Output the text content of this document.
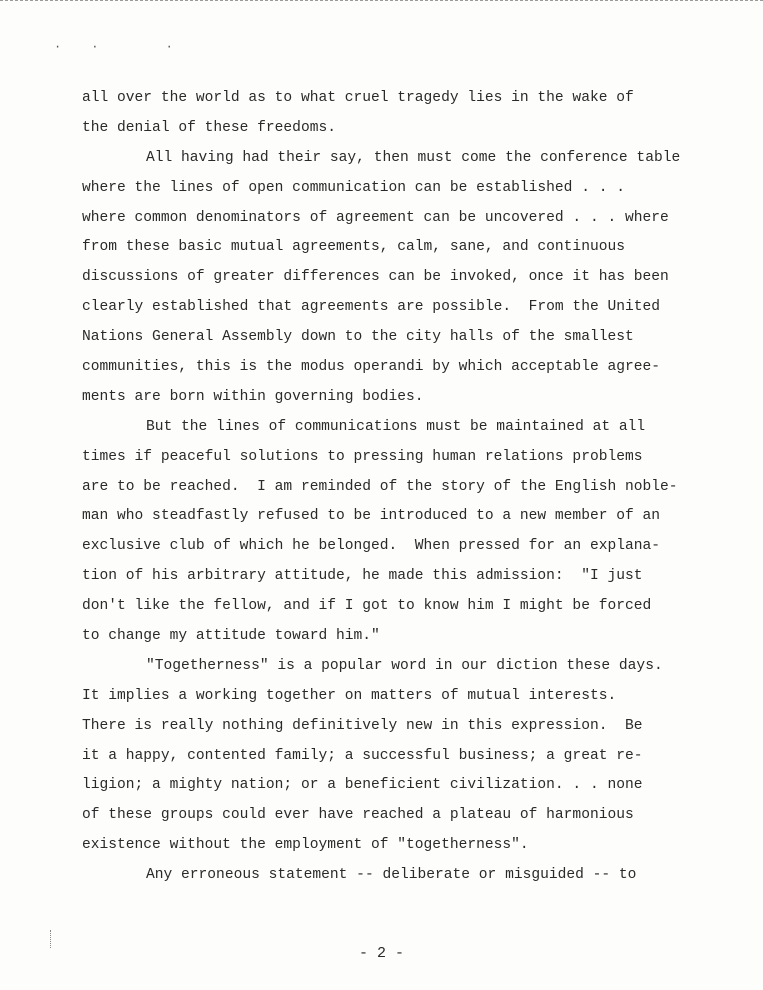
·· ·
all over the world as to what cruel tragedy lies in the wake of
the denial of these freedoms.
All having had their say, then must come the conference table
where the lines of open communication can be established . . .
where common denominators of agreement can be uncovered . . . where
from these basic mutual agreements, calm, sane, and continuous
discussions of greater differences can be invoked, once it has been
clearly established that agreements are possible.  From the United
Nations General Assembly down to the city halls of the smallest
communities, this is the modus operandi by which acceptable agree-
ments are born within governing bodies.
But the lines of communications must be maintained at all
times if peaceful solutions to pressing human relations problems
are to be reached.  I am reminded of the story of the English noble-
man who steadfastly refused to be introduced to a new member of an
exclusive club of which he belonged.  When pressed for an explana-
tion of his arbitrary attitude, he made this admission:  "I just
don't like the fellow, and if I got to know him I might be forced
to change my attitude toward him."
"Togetherness" is a popular word in our diction these days.
It implies a working together on matters of mutual interests.
There is really nothing definitively new in this expression.  Be
it a happy, contented family; a successful business; a great re-
ligion; a mighty nation; or a beneficient civilization. . . none
of these groups could ever have reached a plateau of harmonious
existence without the employment of "togetherness".
Any erroneous statement -- deliberate or misguided -- to
- 2 -
